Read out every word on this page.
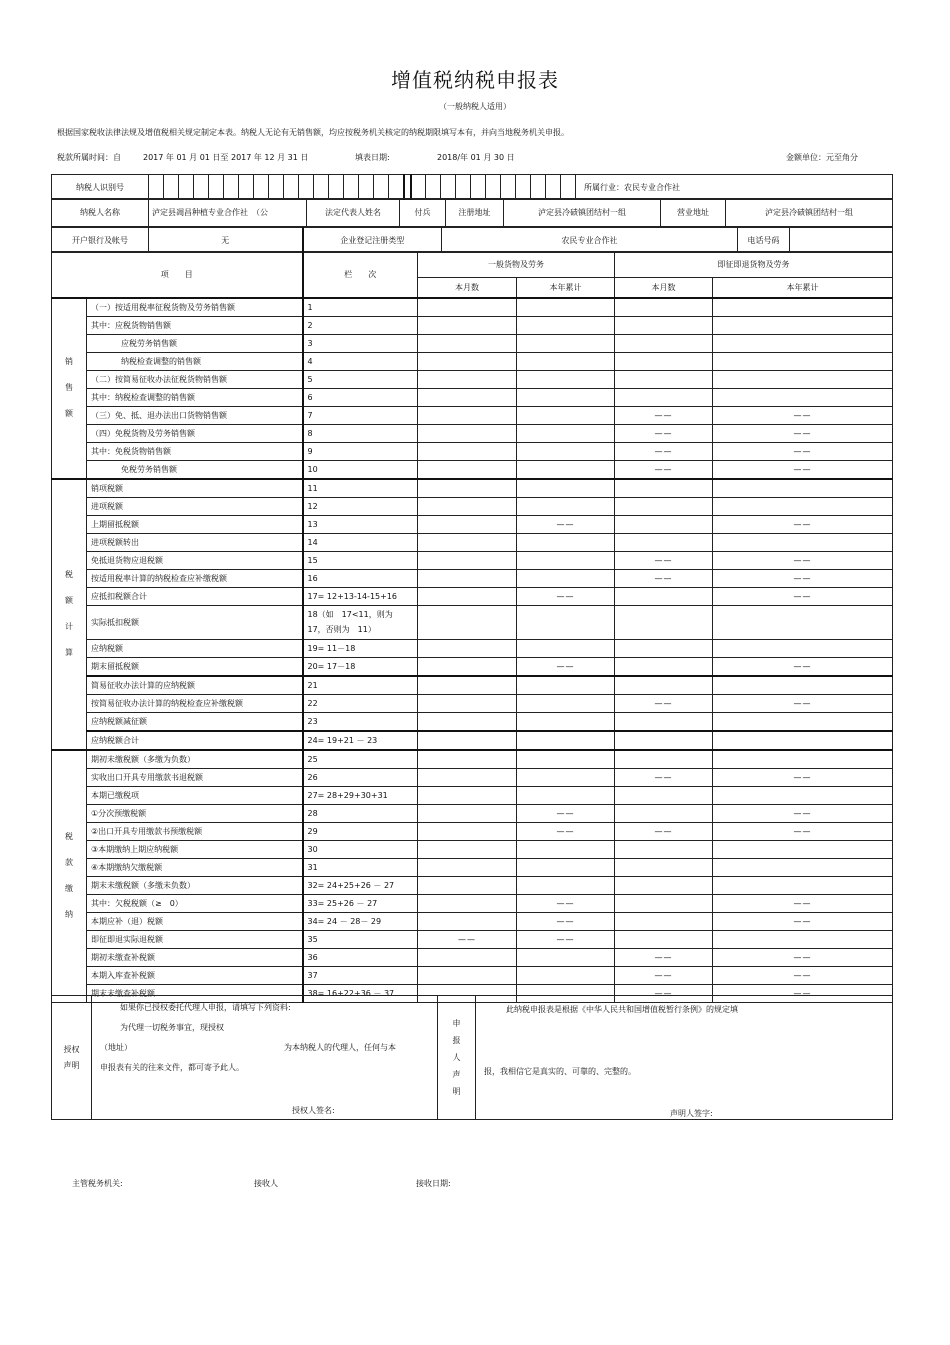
增值税纳税申报表
（一般纳税人适用）
根据国家税收法律法规及增值税相关规定制定本表。纳税人无论有无销售额，均应按税务机关核定的纳税期限填写本有，并向当地税务机关申报。
税款所属时间：自	2017 年 01 月 01 日至 2017 年 12 月 31 日	填表日期:	2018/年 01 月 30 日	金额单位：元至角分
纳税人识别号																														所属行业：农民专业合作社
纳税人名称	泸定县凋昌种植专业合作社　（公	法定代表人姓名	付兵	注册地址	泸定县冷碛镇团结村一组	营业地址	泸定县冷碛镇团结村一组
开户银行及帐号	无	企业登记注册类型	农民专业合作社	电话号码	
项　　目		栏　　次	一般货物及劳务		即征即退货物及劳务	
			本月数	本年累计	本月数	本年累计

销
售
额	（一）按适用税率征税货物及劳务销售额	1				
	其中：应税货物销售额	2				
	应税劳务销售额	3				
	纳税检查调整的销售额	4				
	（二）按简易征收办法征税货物销售额	5				
	其中：纳税检查调整的销售额	6				
	（三）免、抵、退办法出口货物销售额	7			——	——
	（四）免税货物及劳务销售额	8			——	——
	其中：免税货物销售额	9			——	——
	免税劳务销售额	10			——	——

税
额
计
算	销项税额	11				
	进项税额	12				
	上期留抵税额	13		——		——
	进项税额转出	14				
	免抵退货物应退税额	15			——	——
	按适用税率计算的纳税检查应补缴税额	16			——	——
	应抵扣税额合计	17= 12+13-14-15+16		——		——
	实际抵扣税额	18（如　17<11，则为
17，否则为　11）				
	应纳税额	19= 11－18				
	期末留抵税额	20= 17－18		——		——
	简易征收办法计算的应纳税额	21				
	按简易征收办法计算的纳税检查应补缴税额	22			——	——
	应纳税额减征额	23				
	应纳税额合计	24= 19+21 － 23				

税
款
缴
纳	期初未缴税额（多缴为负数）	25				
	实收出口开具专用缴款书退税额	26			——	——
	本期已缴税项	27= 28+29+30+31				
	①分次预缴税额	28		——		——
	②出口开具专用缴款书预缴税额	29		——	——	——
	③本期缴纳上期应纳税额	30				
	④本期缴纳欠缴税额	31				
	期末未缴税额（多缴未负数）	32= 24+25+26 － 27				
	其中：欠税税额（≥　0）	33= 25+26 － 27		——		——
	本期应补（退）税额	34= 24 － 28－ 29		——		——
	即征即退实际退税额	35	——	——		
	期初未缴查补税额	36			——	——
	本期入库查补税额	37			——	——
	期末未缴查补税额	38= 16+22+36 － 37			——	——
授权
声明	
如果你已授权委托代理人申报，请填写下列资料:
为代理一切税务事宜，现授权
（地址）	为本纳税人的代理人，任何与本
申报表有关的往来文件，都可寄予此人。
授权人签名:
	申
报
人
声
明	
此纳税申报表是根据《中华人民共和国增值税暂行条例》的规定填
报，我相信它是真实的、可靠的、完整的。
声明人签字:
主管税务机关:	接收人	接收日期:
